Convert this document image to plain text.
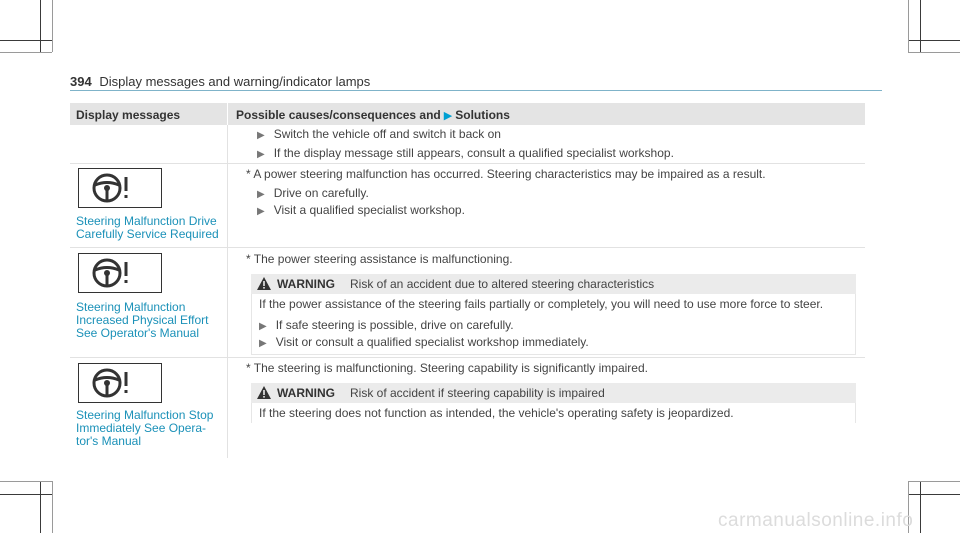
394 Display messages and warning/indicator lamps
Display messages	Possible causes/consequences and ▶ Solutions
▶ Switch the vehicle off and switch it back on
▶ If the display message still appears, consult a qualified specialist workshop.
Steering Malfunction Drive
Carefully Service Required
* A power steering malfunction has occurred. Steering characteristics may be impaired as a result.
▶ Drive on carefully.
▶ Visit a qualified specialist workshop.
Steering Malfunction
Increased Physical Effort
See Operator's Manual
* The power steering assistance is malfunctioning.
WARNING Risk of an accident due to altered steering characteristics
If the power assistance of the steering fails partially or completely, you will need to use more force to steer.
▶ If safe steering is possible, drive on carefully.
▶ Visit or consult a qualified specialist workshop immediately.
Steering Malfunction Stop
Immediately See Opera-
tor's Manual
* The steering is malfunctioning. Steering capability is significantly impaired.
WARNING Risk of accident if steering capability is impaired
If the steering does not function as intended, the vehicle's operating safety is jeopardized.
carmanualsonline.info
